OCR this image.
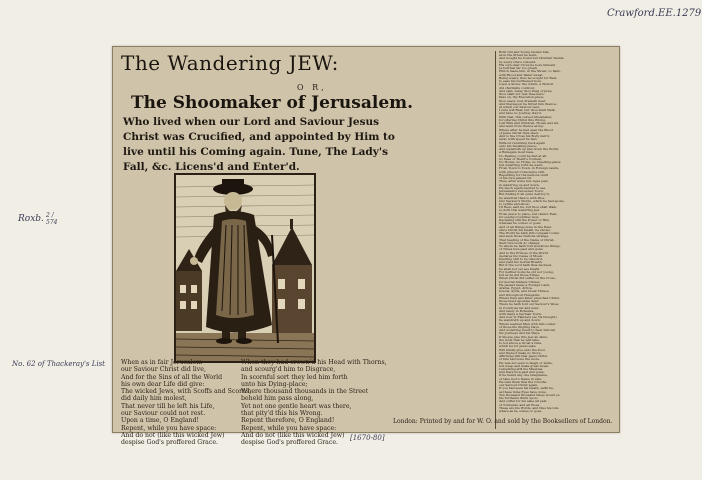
Crawford.EE.1279
Roxb. 2 / 574
No. 62 of Thackeray's List
[1670-80]
The Wandering JEW:
O R,
The Shoomaker of Jerusalem.
Who lived when our Lord and Saviour Jesus Christ was Crucified, and appointed by Him to live until his Coming again. Tune, The Lady's Fall, &c. Licens'd and Enter'd.
When as in fair Jerusalem
our Saviour Christ did live,
And for the Sins of all the World
his own dear Life did give:
The wicked Jews, with Scoffs and Scorns,
did daily him molest,
That never till he left his Life,
our Saviour could not rest.
Upon a time, O England!
Repent, while you have space:
And do not (like this wicked Jew)
despise God's proffered Grace.
When they had crown'd his Head with Thorns,
and scourg'd him to Disgrace,
In scornful sort they led him forth
unto his Dying-place;
Where thousand thousands in the Street
beheld him pass along,
Yet not one gentle heart was there,
that pity'd this his Wrong.
Repent therefore, O England!
Repent, while you have space:
And do not (like this wicked Jew)
despise God's proffered Grace.
Both Old and Young reviled him,
as in the Street he went,
And nought he found but Churlish Taunts,
by every One's consent:
His own dear Cross he bore himself,
(a burthen far too great)
Which made him, in the Street, to faint,
with Blood and Water sweat.
Being weary, thus he sought for Rest,
to ease his burthened Soul,
Upon a Stone: the which, a Wretch
did churlishly controul:
And said, Away, thou King of Jews,
thou shalt not rest thee here:
Pass on, thy Execution-place,
thou seest, now draweth near.
And thereupon he thrust him thence;
at which our Saviour said,
I sure will Rest; but thou shalt Walk,
and have no Journey stay'd.
With that, this cursed Shoemaker,
for offering Christ this Wrong,
Left Wife and Children, House and all,
and went from thence along:
Where after he had seen the Blood
of Jesus Christ thus shed,
And to the Cross his Body nail'd,
away with speed he fled,
Without returning back again
unto his Dwelling-place;
And wandreth up and down the World,
a Runagate most base.
No Resting could he find at all,
no Ease or Heart's Content,
No House, no Home, no Dwelling-place;
but wandring forth he went;
From Town to Town, in Foreign Lands,
with grieved Conscience still,
Repenting for the heinous Guilt
of his fore-passed Ill.
Thus, after some few Ages past,
in wandring up and down,
He much again desired to see
Jerusalem's renowned Town:
But finding it all quite destroy'd,
he wandred thence with Woe,
Our Saviour's Words, which he had spoke,
to verifie and show;
I'll Rest, said he, but thou shalt Walk,
so doth this wandring Jew
From place to place, but cannot Rest,
for seeing Countries new;
Declaring still the Power of Him,
whereas he comes or goes;
And of all things done in the East,
since Christ his Death, he shows.
The World he hath still compast round,
and seen those Nations strange,
That hearing of the Name of Christ,
their Idol Gods do change:
To whom he hath told wondrous things,
of Times fore-past and gone:
And to the Princes of the World
declares his Cause of Moan:
Desiring still to be dissolv'd,
and yield his mortal Breath;
But if the Lord hath thus decreed,
he shall not yet see Death.
For neither looks he old nor young,
but as he did those Times,
When Christ did suffer on the Cross,
for mortal Sinners Crimes.
He passed many a Foreign Land,
Arabia, Egypt, Africa,
Grecia, Syria, and Great Thrace,
and throughout Hungaria;
Where Paul and Peter preached Christ,
those blest Apostles dear:
There he hath told our Saviour's Woes
in Countries far and near.
And lately in Bohemia,
with many a German Town;
And now in Flanders (as 'tis thought)
he wandreth up and down:
Where learned Men with him confer
of those his lingring Days,
And wondring much to hear him tell
his Journeys and his Ways.
If People give this Jew an Alms,
the most that he will take,
Is not above a Groat a time,
which he for Jesus sake
Will kindly give unto the Poor,
and thereof make no Store,
Affirming still that Jesus Christ
of him had done the more.
He was not seen to laugh or smile,
but weep and make great moan,
Lamenting still his Miseries,
and Days fore-past and gone;
If he heard any one blaspheme,
or take God's Name in vain,
He tells them that the Crucifie
our Saviour Christ again.
If you had seen his Death, saith he,
as these mine Eyes have done,
Ten thousand thousand times would ye
his Torments think upon;
And suffer for his sake all pain
of Torments, and all Woes.
These are his Words, and thus his Life
where-as he comes or goes.
London: Printed by and for W. O. and sold by the Booksellers of London.
